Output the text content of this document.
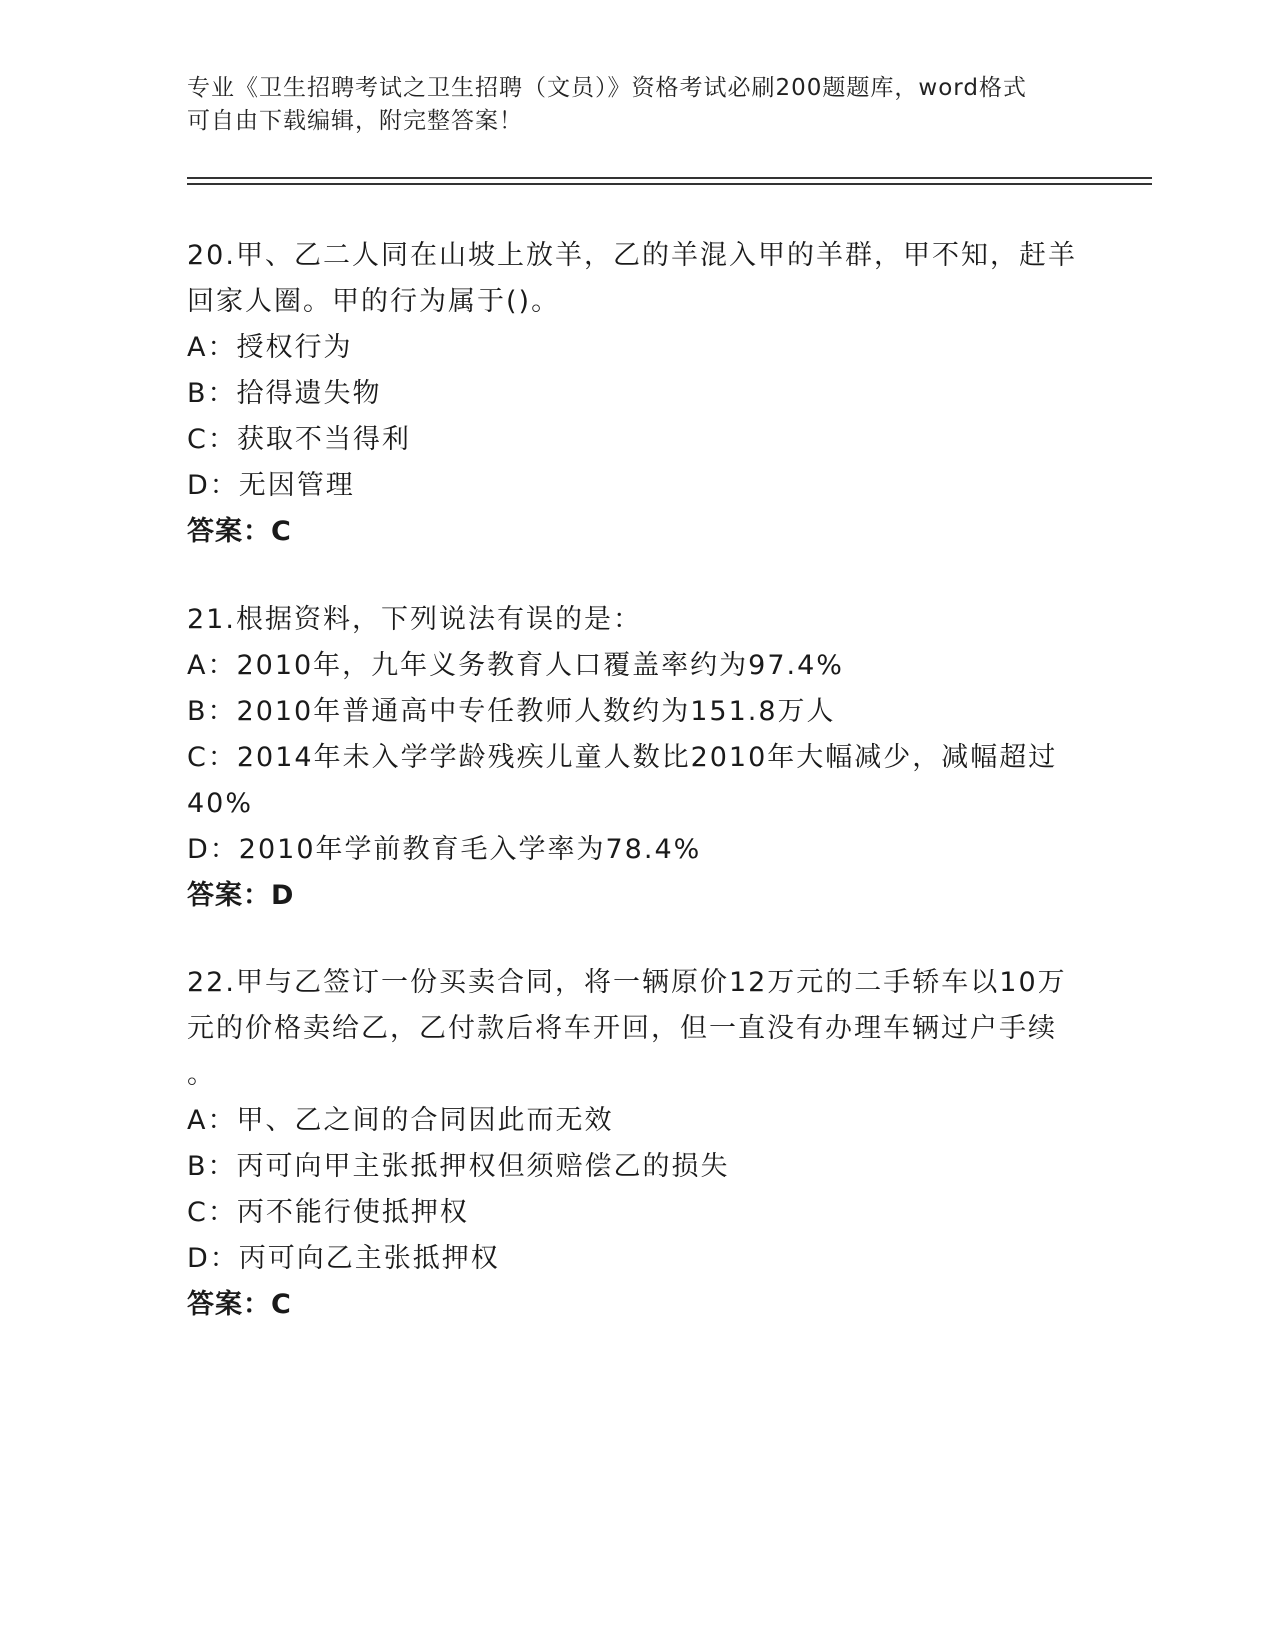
专业《卫生招聘考试之卫生招聘（文员）》资格考试必刷200题题库，word格式
可自由下载编辑，附完整答案！
20.甲、乙二人同在山坡上放羊，乙的羊混入甲的羊群，甲不知，赶羊
回家人圈。甲的行为属于()。
A：授权行为
B：拾得遗失物
C：获取不当得利
D：无因管理
答案：C
21.根据资料，下列说法有误的是：
A：2010年，九年义务教育人口覆盖率约为97.4%
B：2010年普通高中专任教师人数约为151.8万人
C：2014年未入学学龄残疾儿童人数比2010年大幅减少，减幅超过
40%
D：2010年学前教育毛入学率为78.4%
答案：D
22.甲与乙签订一份买卖合同，将一辆原价12万元的二手轿车以10万
元的价格卖给乙，乙付款后将车开回，但一直没有办理车辆过户手续
。
A：甲、乙之间的合同因此而无效
B：丙可向甲主张抵押权但须赔偿乙的损失
C：丙不能行使抵押权
D：丙可向乙主张抵押权
答案：C
